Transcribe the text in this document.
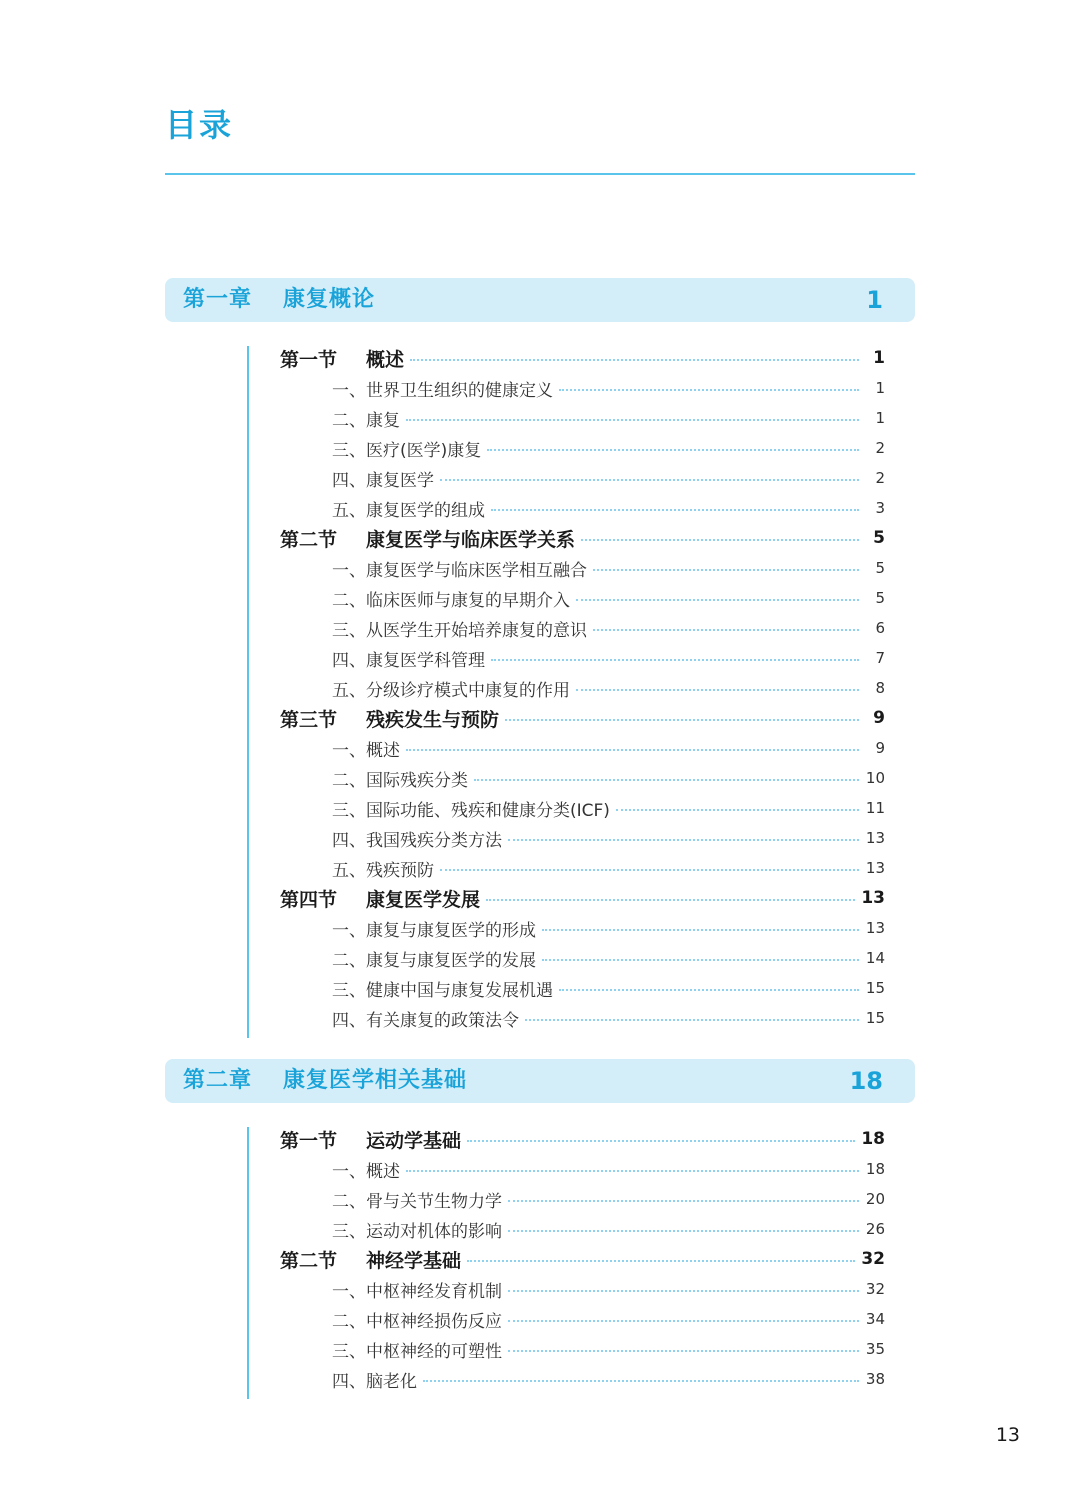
目录
第一章 康复概论	1
第一节	概述	1
一、 世界卫生组织的健康定义	1
二、 康复	1
三、 医疗(医学)康复	2
四、 康复医学	2
五、 康复医学的组成	3
第二节	康复医学与临床医学关系	5
一、 康复医学与临床医学相互融合	5
二、 临床医师与康复的早期介入	5
三、 从医学生开始培养康复的意识	6
四、 康复医学科管理	7
五、 分级诊疗模式中康复的作用	8
第三节	残疾发生与预防	9
一、 概述	9
二、 国际残疾分类	10
三、 国际功能、残疾和健康分类(ICF)	11
四、 我国残疾分类方法	13
五、 残疾预防	13
第四节	康复医学发展	13
一、 康复与康复医学的形成	13
二、 康复与康复医学的发展	14
三、 健康中国与康复发展机遇	15
四、 有关康复的政策法令	15
第二章 康复医学相关基础	18
第一节	运动学基础	18
一、 概述	18
二、 骨与关节生物力学	20
三、 运动对机体的影响	26
第二节	神经学基础	32
一、 中枢神经发育机制	32
二、 中枢神经损伤反应	34
三、 中枢神经的可塑性	35
四、 脑老化	38
13
